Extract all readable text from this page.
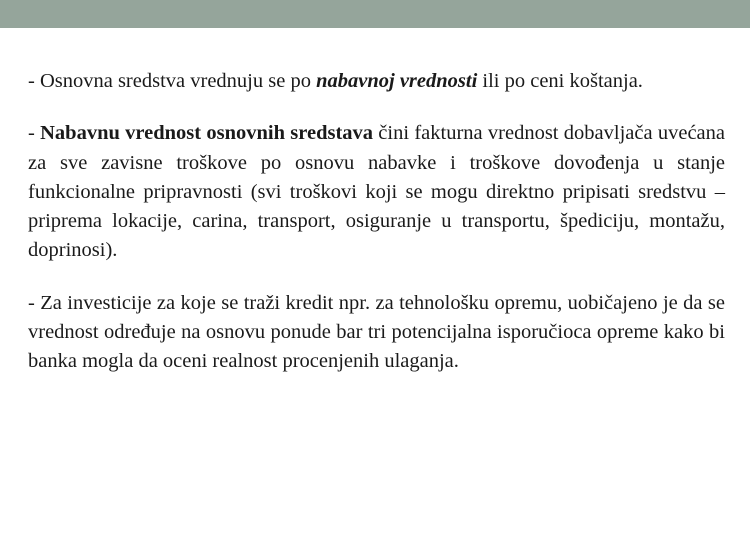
- Osnovna sredstva vrednuju se po nabavnoj vrednosti ili po ceni koštanja.

- Nabavnu vrednost osnovnih sredstava čini fakturna vrednost dobavljača uvećana za sve zavisne troškove po osnovu nabavke i troškove dovođenja u stanje funkcionalne pripravnosti (svi troškovi koji se mogu direktno pripisati sredstvu – priprema lokacije, carina, transport, osiguranje u transportu, špediciju, montažu, doprinosi).

- Za investicije za koje se traži kredit npr. za tehnološku opremu, uobičajeno je da se vrednost određuje na osnovu ponude bar tri potencijalna isporučioca opreme kako bi banka mogla da oceni realnost procenjenih ulaganja.
